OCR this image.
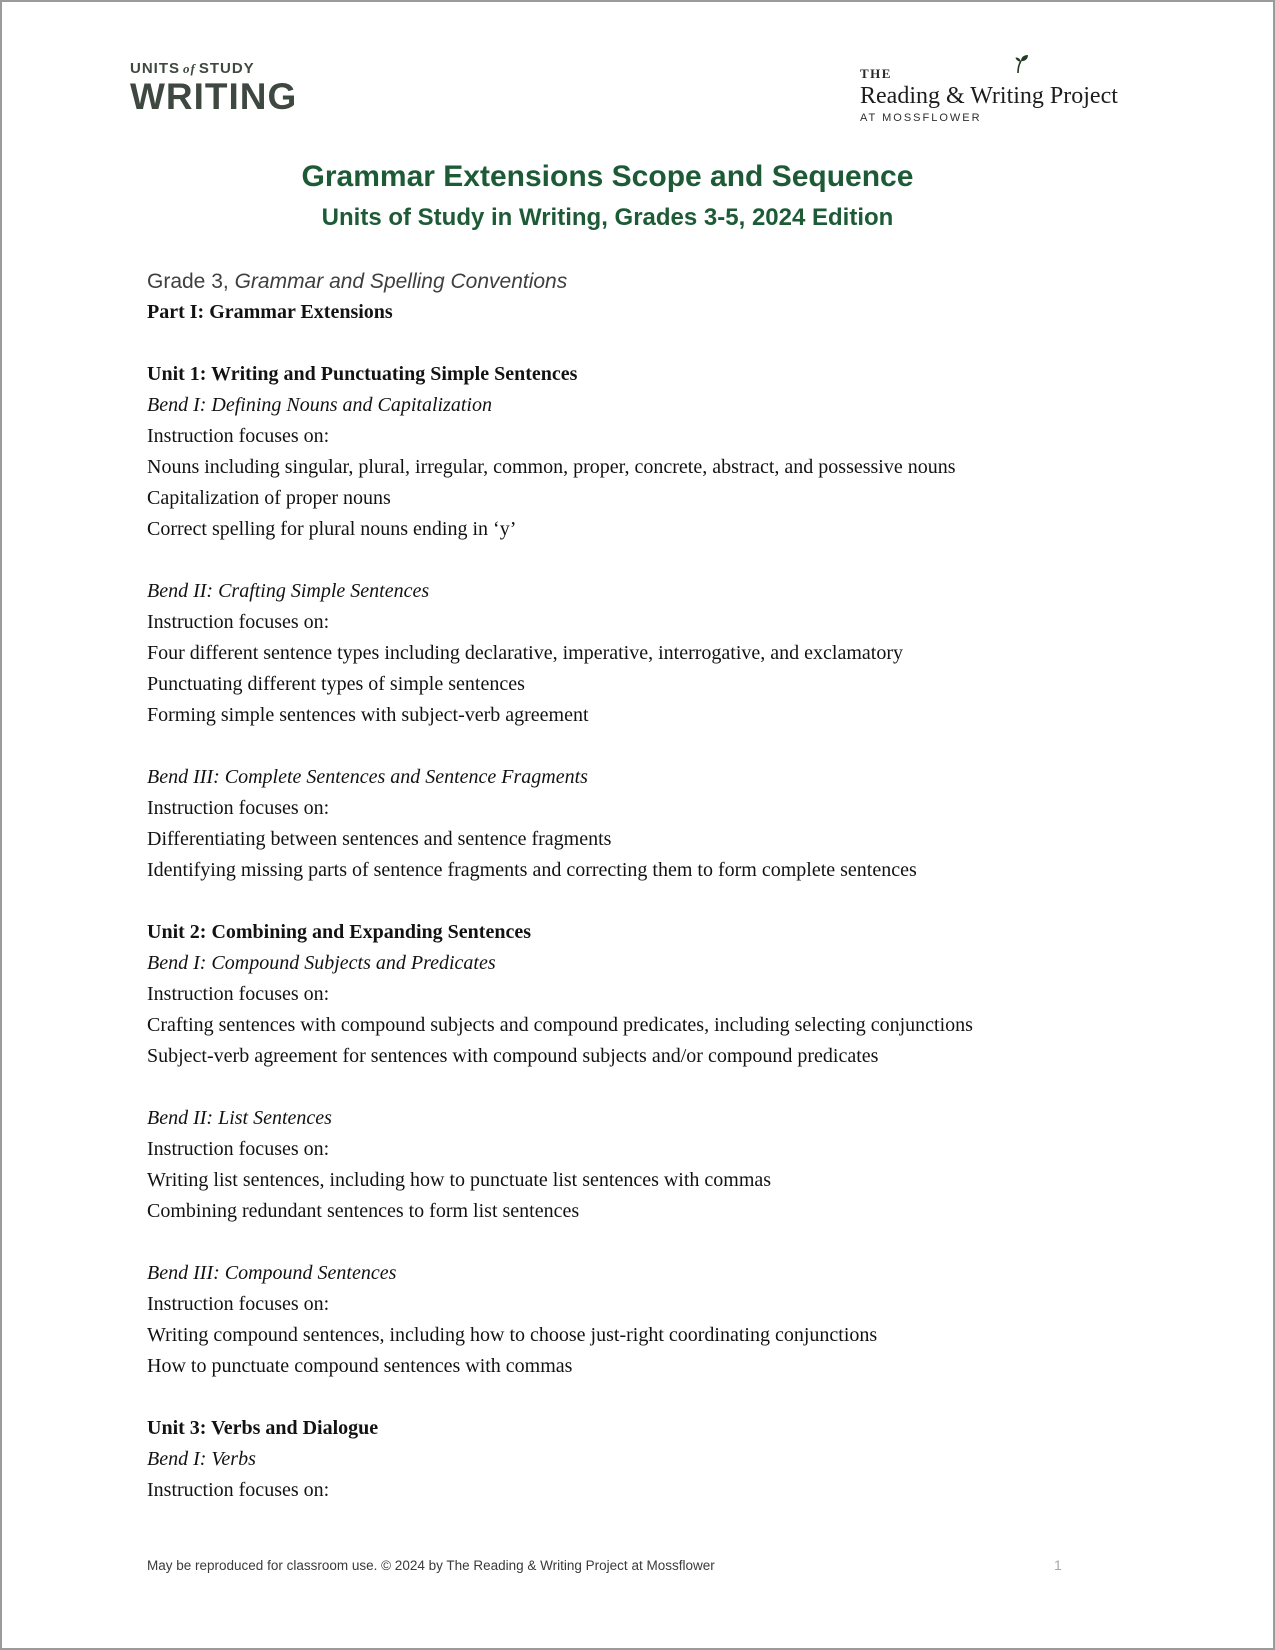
UNITS of STUDY
WRITING
THE
Reading & Writing Project
AT MOSSFLOWER
Grammar Extensions Scope and Sequence
Units of Study in Writing, Grades 3-5, 2024 Edition

Grade 3, Grammar and Spelling Conventions

Part I: Grammar Extensions

Unit 1: Writing and Punctuating Simple Sentences

Bend I: Defining Nouns and Capitalization

Instruction focuses on:

Nouns including singular, plural, irregular, common, proper, concrete, abstract, and possessive nouns

Capitalization of proper nouns

Correct spelling for plural nouns ending in ‘y’

Bend II: Crafting Simple Sentences

Instruction focuses on:

Four different sentence types including declarative, imperative, interrogative, and exclamatory

Punctuating different types of simple sentences

Forming simple sentences with subject-verb agreement

Bend III: Complete Sentences and Sentence Fragments

Instruction focuses on:

Differentiating between sentences and sentence fragments

Identifying missing parts of sentence fragments and correcting them to form complete sentences

Unit 2: Combining and Expanding Sentences

Bend I: Compound Subjects and Predicates

Instruction focuses on:

Crafting sentences with compound subjects and compound predicates, including selecting conjunctions

Subject-verb agreement for sentences with compound subjects and/or compound predicates

Bend II: List Sentences

Instruction focuses on:

Writing list sentences, including how to punctuate list sentences with commas

Combining redundant sentences to form list sentences

Bend III: Compound Sentences

Instruction focuses on:

Writing compound sentences, including how to choose just-right coordinating conjunctions

How to punctuate compound sentences with commas

Unit 3: Verbs and Dialogue

Bend I: Verbs

Instruction focuses on:

May be reproduced for classroom use. © 2024 by The Reading & Writing Project at Mossflower	1
